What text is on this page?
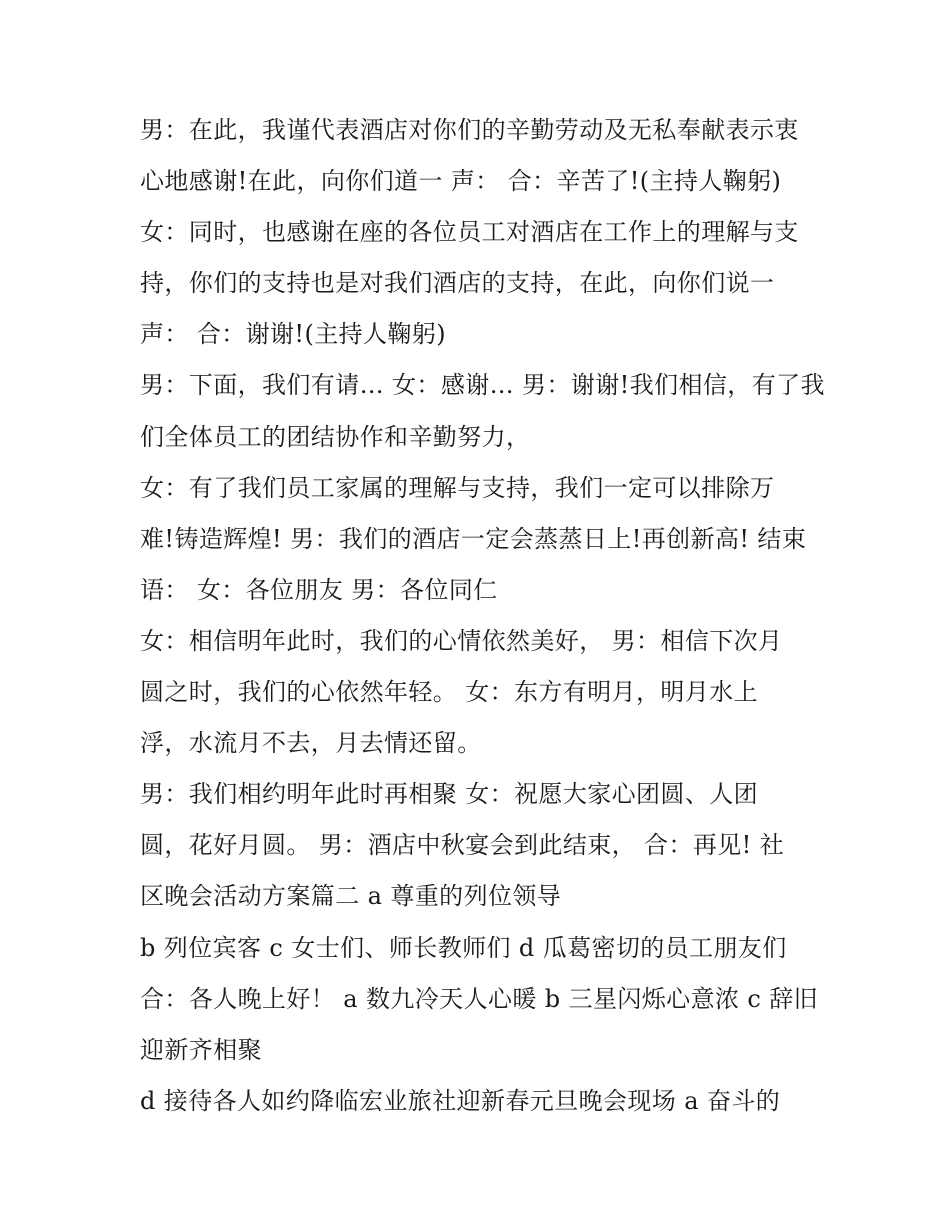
男：在此，我谨代表酒店对你们的辛勤劳动及无私奉献表示衷
心地感谢!在此，向你们道一 声： 合：辛苦了!(主持人鞠躬)
女：同时，也感谢在座的各位员工对酒店在工作上的理解与支
持，你们的支持也是对我们酒店的支持，在此，向你们说一
声： 合：谢谢!(主持人鞠躬)
男：下面，我们有请… 女：感谢… 男：谢谢!我们相信，有了我
们全体员工的团结协作和辛勤努力，
女：有了我们员工家属的理解与支持，我们一定可以排除万
难!铸造辉煌! 男：我们的酒店一定会蒸蒸日上!再创新高! 结束
语： 女：各位朋友 男：各位同仁
女：相信明年此时，我们的心情依然美好， 男：相信下次月
圆之时，我们的心依然年轻。 女：东方有明月，明月水上
浮，水流月不去，月去情还留。
男：我们相约明年此时再相聚 女：祝愿大家心团圆、人团
圆，花好月圆。 男：酒店中秋宴会到此结束， 合：再见! 社
区晚会活动方案篇二 a 尊重的列位领导
b 列位宾客 c 女士们、师长教师们 d 瓜葛密切的员工朋友们
合：各人晚上好！ a 数九冷天人心暖 b 三星闪烁心意浓 c 辞旧
迎新齐相聚
d 接待各人如约降临宏业旅社迎新春元旦晚会现场 a 奋斗的
